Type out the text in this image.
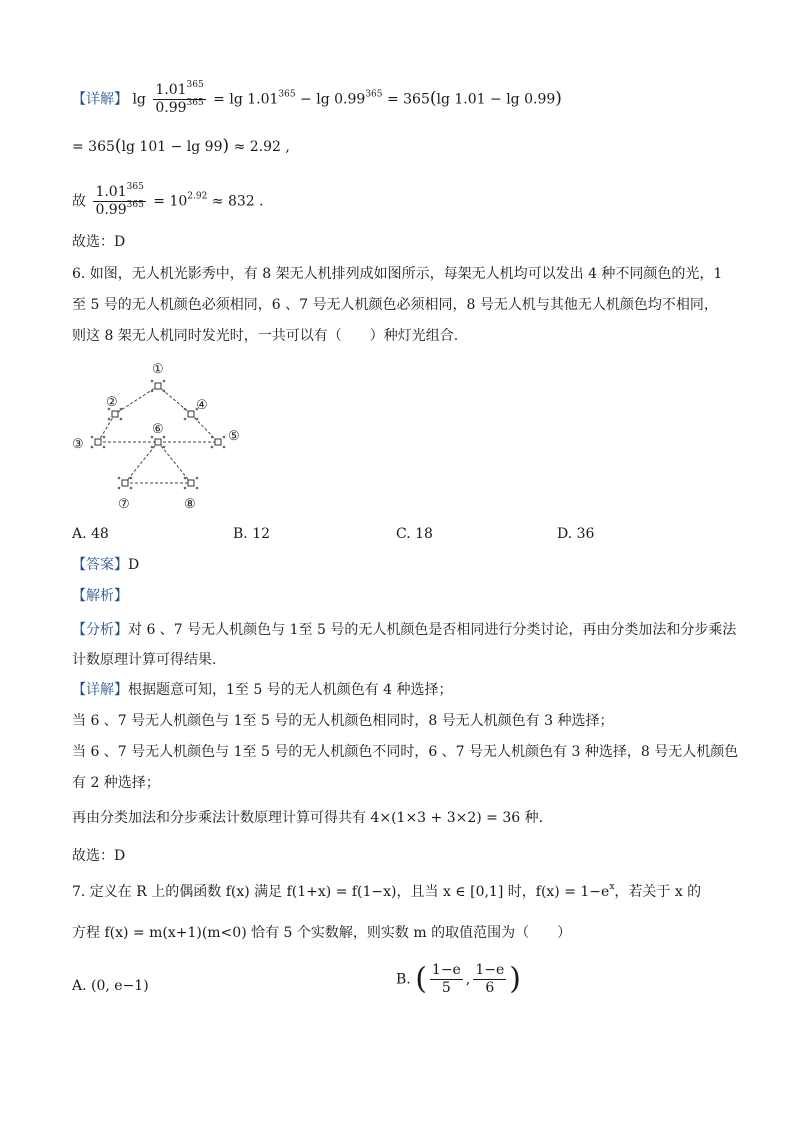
【详解】 $\lg \frac{1.01^{365}}{0.99^{365}} = \lg 1.01^{365} - \lg 0.99^{365} = 365(\lg$ 1.01 − lg 0.99)
= 365(lg 101 − lg 99) ≈ 2.92 ,
故 $\frac{1.01^{365}}{0.99^{365}} = 10^{2.92} \approx 832$ .
故选：D
6. 如图，无人机光影秀中，有 8 架无人机排列成如图所示，每架无人机均可以发出 4 种不同颜色的光，1
至 5 号的无人机颜色必须相同，6 、7 号无人机颜色必须相同，8 号无人机与其他无人机颜色均不相同，
则这 8 架无人机同时发光时，一共可以有（　　）种灯光组合.
①
②
③
④
⑤
⑥
⑦	⑧
A. 48	B. 12	C. 18	D. 36
【答案】D
【解析】
【分析】对 6 、7 号无人机颜色与 1至 5 号的无人机颜色是否相同进行分类讨论，再由分类加法和分步乘法
计数原理计算可得结果.
【详解】根据题意可知，1至 5 号的无人机颜色有 4 种选择；
当 6 、7 号无人机颜色与 1至 5 号的无人机颜色相同时，8 号无人机颜色有 3 种选择；
当 6 、7 号无人机颜色与 1至 5 号的无人机颜色不同时，6 、7 号无人机颜色有 3 种选择，8 号无人机颜色
有 2 种选择；
再由分类加法和分步乘法计数原理计算可得共有 4×(1×3 + 3×2) = 36 种.
故选：D
7. 定义在 R 上的偶函数 f(x) 满足 f(1+x) = f(1−x)，且当 x ∈ [0,1] 时，$f(x) = 1-e^x$，若关于 x 的
方程 f(x) = m(x+1)(m<0) 恰有 5 个实数解，则实数 m 的取值范围为（　　）
A. (0, e−1)	B. ( $\frac{1-e}{5}$ , $\frac{1-e}{6}$ )
